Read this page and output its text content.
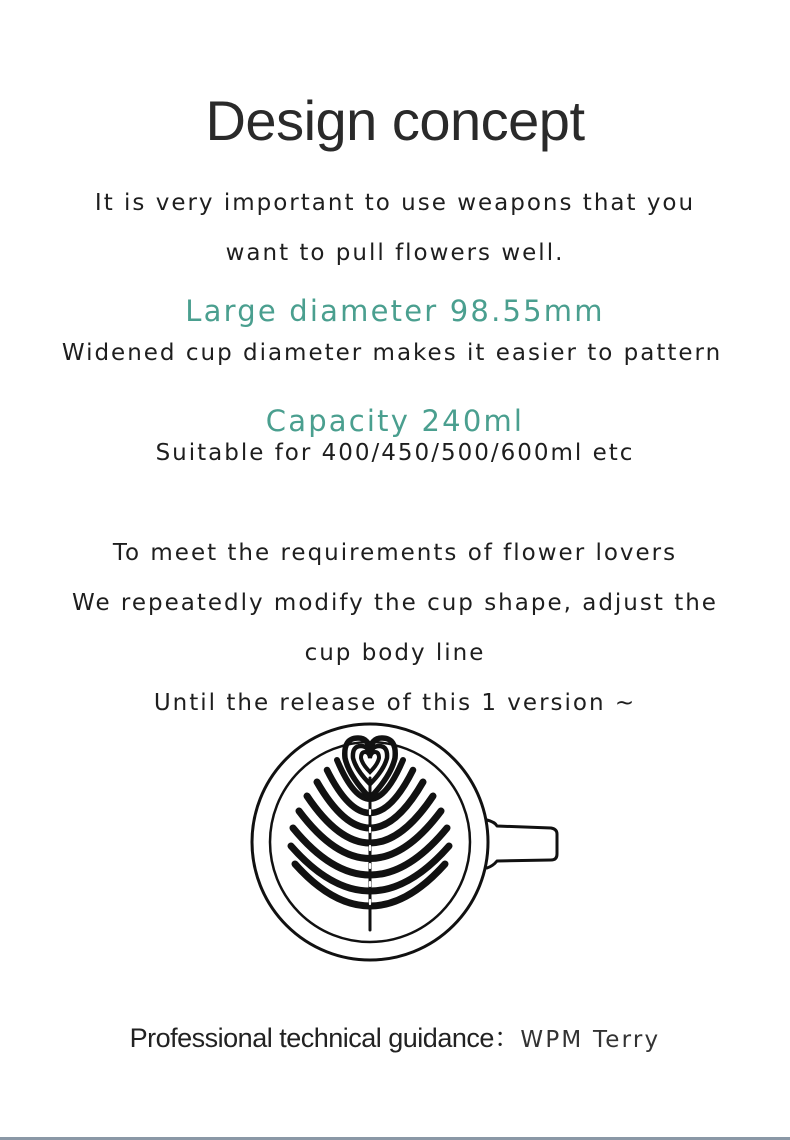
Design concept
It is very important to use weapons that you
want to pull flowers well.
Large diameter 98.55mm
Widened cup diameter makes it easier to pattern
Capacity 240ml
Suitable for 400/450/500/600ml etc
To meet the requirements of flower lovers
We repeatedly modify the cup shape, adjust the
cup body line
Until the release of this 1 version ~
Professional technical guidance：WPM Terry
